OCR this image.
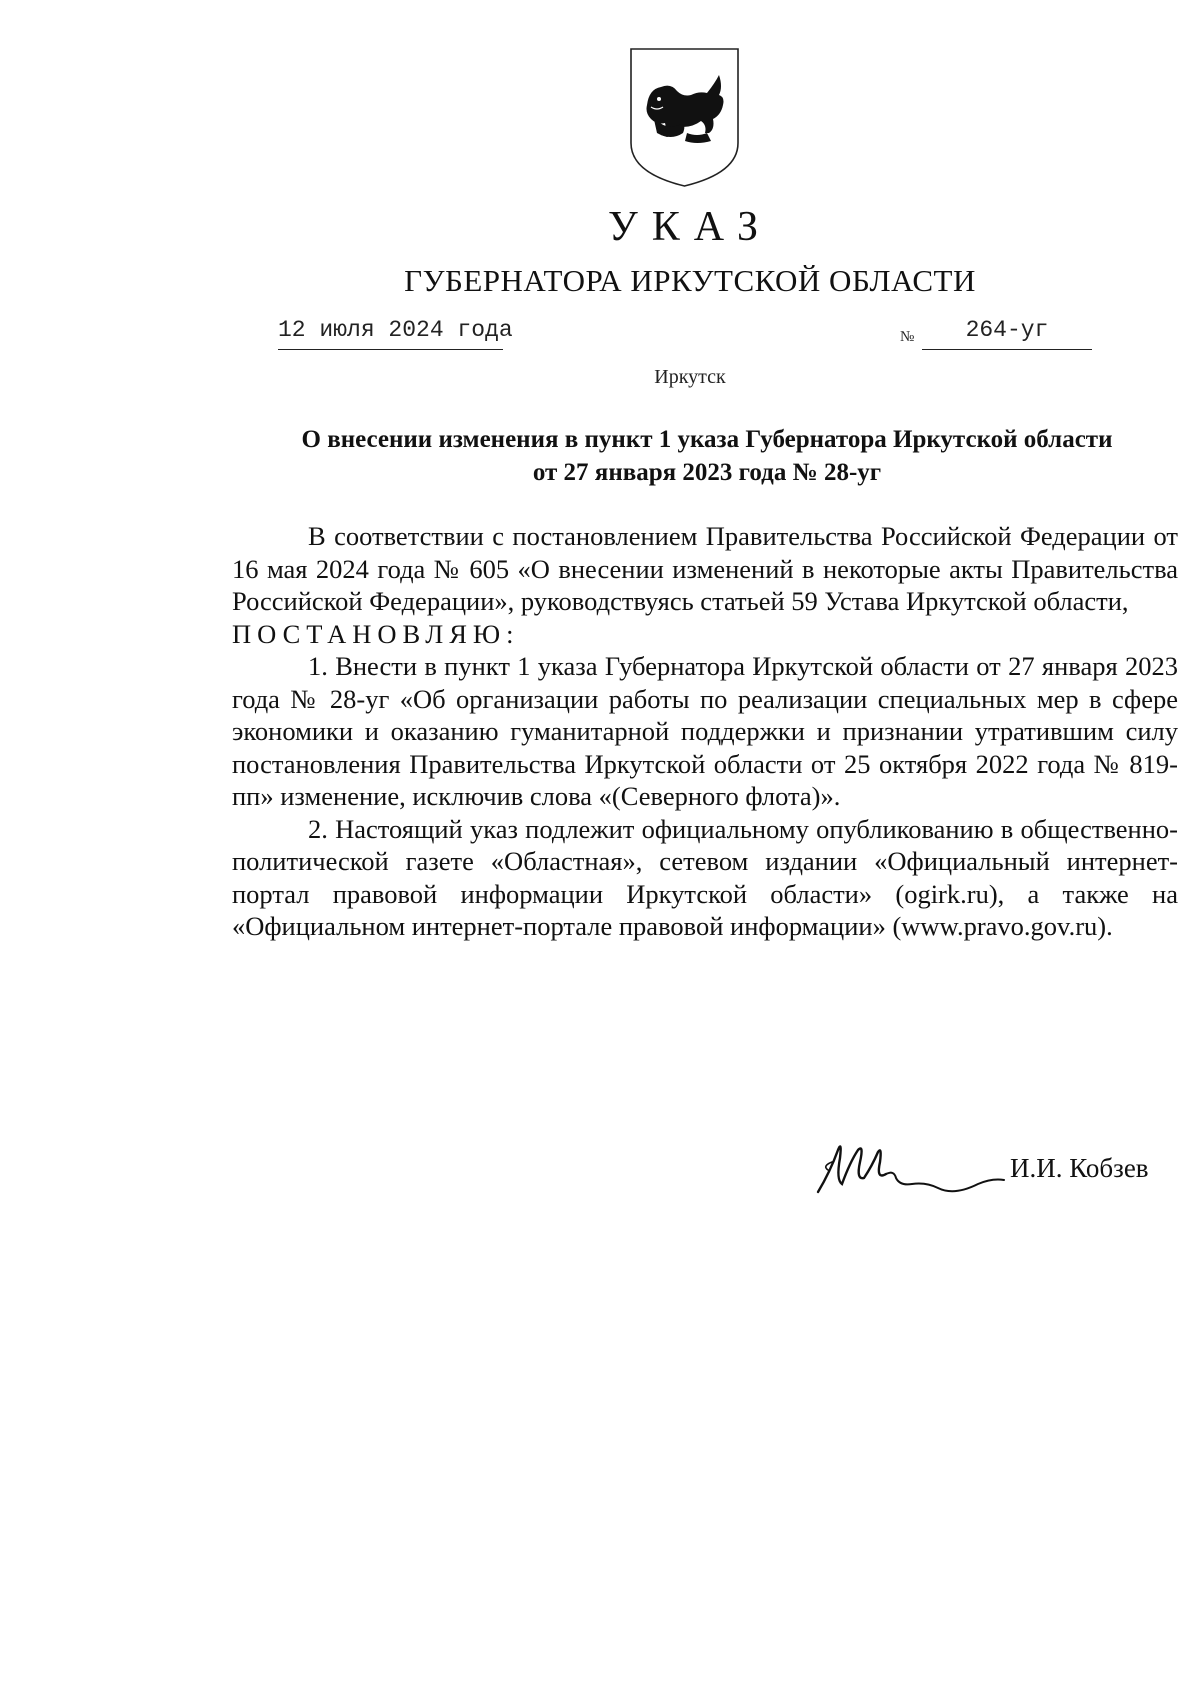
УКАЗ
ГУБЕРНАТОРА ИРКУТСКОЙ ОБЛАСТИ
12 июля 2024 года	№	264-уг
Иркутск
О внесении изменения в пункт 1 указа Губернатора Иркутской области
от 27 января 2023 года № 28-уг

В соответствии с постановлением Правительства Российской Федерации от 16 мая 2024 года № 605 «О внесении изменений в некоторые акты Правительства Российской Федерации», руководствуясь статьей 59 Устава Иркутской области,

ПОСТАНОВЛЯЮ:

1. Внести в пункт 1 указа Губернатора Иркутской области от 27 января 2023 года № 28-уг «Об организации работы по реализации специальных мер в сфере экономики и оказанию гуманитарной поддержки и признании утратившим силу постановления Правительства Иркутской области от 25 октября 2022 года № 819-пп» изменение, исключив слова «(Северного флота)».

2. Настоящий указ подлежит официальному опубликованию в общественно-политической газете «Областная», сетевом издании «Официальный интернет-портал правовой информации Иркутской области» (ogirk.ru), а также на «Официальном интернет-портале правовой информации» (www.pravo.gov.ru).

И.И. Кобзев
